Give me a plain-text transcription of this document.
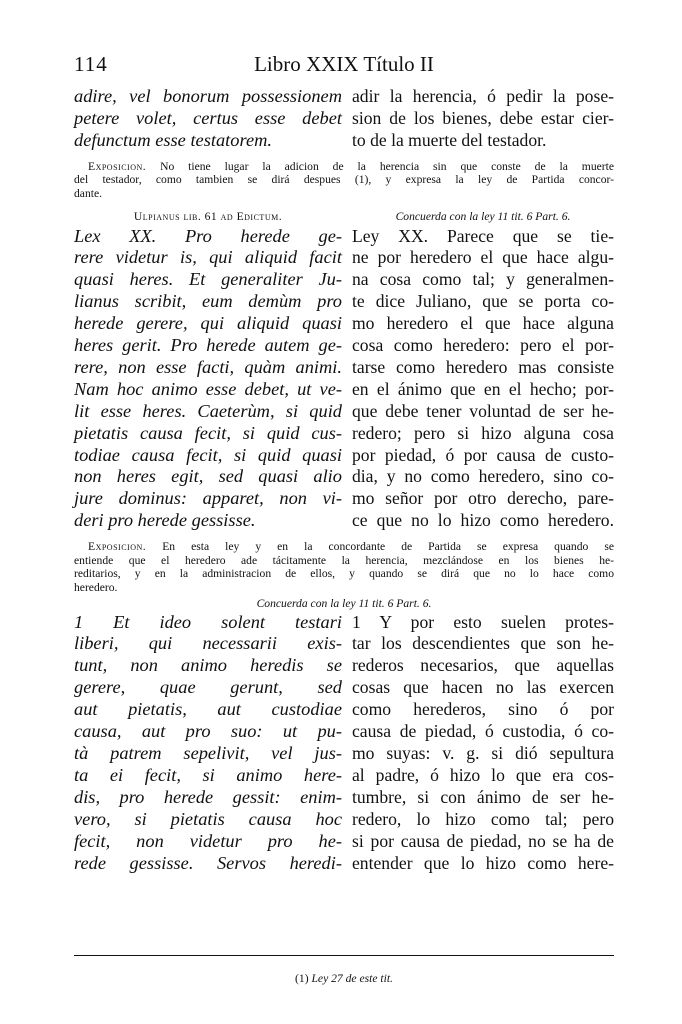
114	Libro XXIX Título II
adire, vel bonorum possessionem
petere volet, certus esse debet
defunctum esse testatorem.
adir la herencia, ó pedir la pose-
sion de los bienes, debe estar cier-
to de la muerte del testador.
Exposicion. No tiene lugar la adicion de la herencia sin que conste de la muerte
del testador, como tambien se dirá despues (1), y expresa la ley de Partida concor-
dante.
Ulpianus lib. 61 ad Edictum.	Concuerda con la ley 11 tit. 6 Part. 6.
Lex XX. Pro herede ge-
rere videtur is, qui aliquid facit
quasi heres. Et generaliter Ju-
lianus scribit, eum demùm pro
herede gerere, qui aliquid quasi
heres gerit. Pro herede autem ge-
rere, non esse facti, quàm animi.
Nam hoc animo esse debet, ut ve-
lit esse heres. Caeterùm, si quid
pietatis causa fecit, si quid cus-
todiae causa fecit, si quid quasi
non heres egit, sed quasi alio
jure dominus: apparet, non vi-
deri pro herede gessisse.
Ley XX. Parece que se tie-
ne por heredero el que hace algu-
na cosa como tal; y generalmen-
te dice Juliano, que se porta co-
mo heredero el que hace alguna
cosa como heredero: pero el por-
tarse como heredero mas consiste
en el ánimo que en el hecho; por-
que debe tener voluntad de ser he-
redero; pero si hizo alguna cosa
por piedad, ó por causa de custo-
dia, y no como heredero, sino co-
mo señor por otro derecho, pare-
ce que no lo hizo como heredero.
Exposicion. En esta ley y en la concordante de Partida se expresa quando se
entiende que el heredero ade tácitamente la herencia, mezclándose en los bienes he-
reditarios, y en la administracion de ellos, y quando se dirá que no lo hace como
heredero.
Concuerda con la ley 11 tit. 6 Part. 6.
1 Et ideo solent testari
liberi, qui necessarii exis-
tunt, non animo heredis se
gerere, quae gerunt, sed
aut pietatis, aut custodiae
causa, aut pro suo: ut pu-
tà patrem sepelivit, vel jus-
ta ei fecit, si animo here-
dis, pro herede gessit: enim-
vero, si pietatis causa hoc
fecit, non videtur pro he-
rede gessisse. Servos heredi-
1 Y por esto suelen protes-
tar los descendientes que son he-
rederos necesarios, que aquellas
cosas que hacen no las exercen
como herederos, sino ó por
causa de piedad, ó custodia, ó co-
mo suyas: v. g. si dió sepultura
al padre, ó hizo lo que era cos-
tumbre, si con ánimo de ser he-
redero, lo hizo como tal; pero
si por causa de piedad, no se ha de
entender que lo hizo como here-
(1) Ley 27 de este tit.
